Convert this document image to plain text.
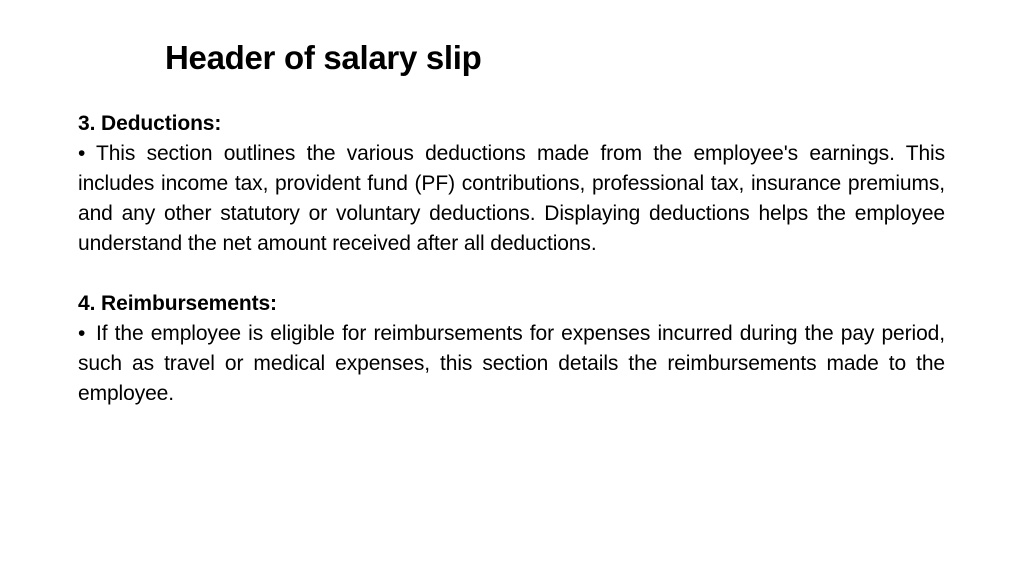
Header of salary slip

3. Deductions:

• This section outlines the various deductions made from the employee's earnings. This includes income tax, provident fund (PF) contributions, professional tax, insurance premiums, and any other statutory or voluntary deductions. Displaying deductions helps the employee understand the net amount received after all deductions.

4. Reimbursements:

• If the employee is eligible for reimbursements for expenses incurred during the pay period, such as travel or medical expenses, this section details the reimbursements made to the employee.
